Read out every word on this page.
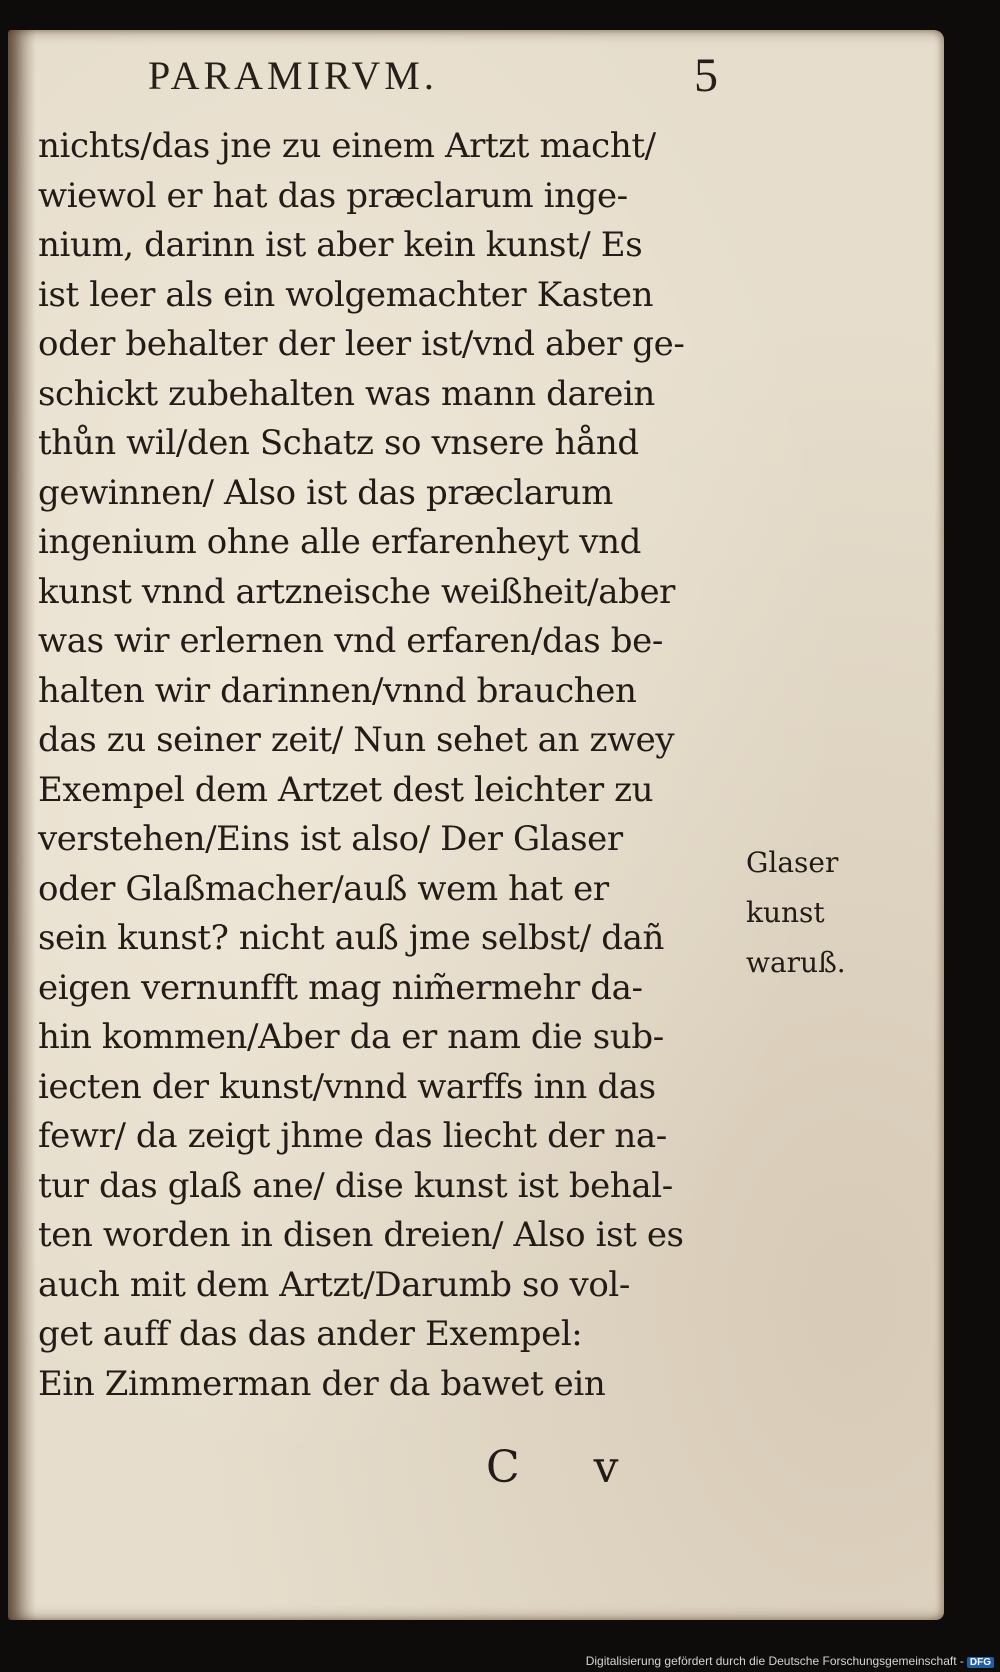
PARAMIRVM.	5
nichts/das jne zu einem Artzt macht/
wiewol er hat das præclarum inge-
nium, darinn ist aber kein kunst/ Es
ist leer als ein wolgemachter Kasten
oder behalter der leer ist/vnd aber ge-
schickt zubehalten was mann darein
thůn wil/den Schatz so vnsere hånd
gewinnen/ Also ist das præclarum
ingenium ohne alle erfarenheyt vnd
kunst vnnd artzneische weißheit/aber
was wir erlernen vnd erfaren/das be-
halten wir darinnen/vnnd brauchen
das zu seiner zeit/ Nun sehet an zwey
Exempel dem Artzet dest leichter zu
verstehen/Eins ist also/ Der Glaser
oder Glaßmacher/auß wem hat er
sein kunst? nicht auß jme selbst/ dañ
eigen vernunfft mag nim̃ermehr da-
hin kommen/Aber da er nam die sub-
iecten der kunst/vnnd warffs inn das
fewr/ da zeigt jhme das liecht der na-
tur das glaß ane/ dise kunst ist behal-
ten worden in disen dreien/ Also ist es
auch mit dem Artzt/Darumb so vol-
get auff das das ander Exempel:
Ein Zimmerman der da bawet ein
Glaser
kunst
waruß.
C v
Digitalisierung gefördert durch die Deutsche Forschungsgemeinschaft - DFG
